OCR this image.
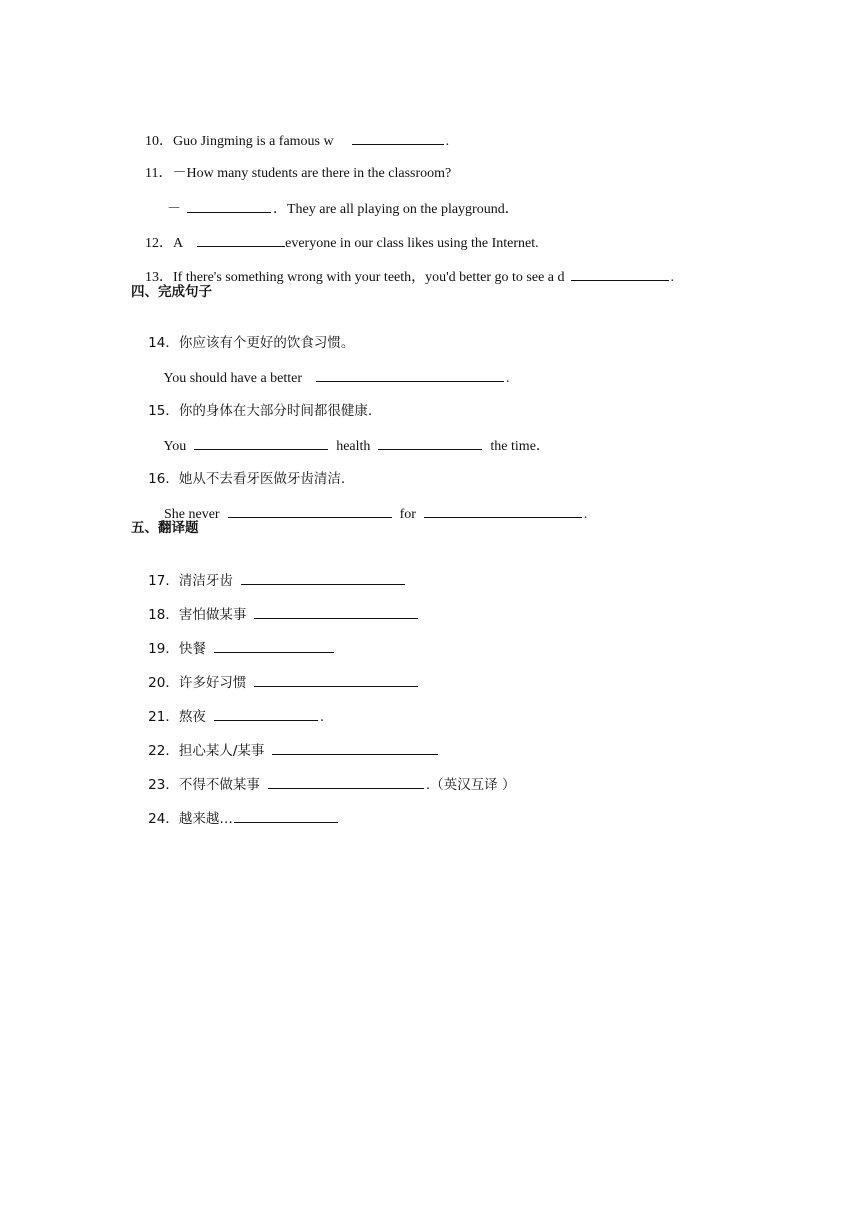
10．Guo Jingming is a famous w	.

11．－How many students are there in the classroom?

－	．They are all playing on the playground．

12．A	everyone in our class likes using the Internet.

13．If there's something wrong with your teeth，you'd better go to see a d	.

四、完成句子

14．你应该有个更好的饮食习惯。

You should have a better	.

15．你的身体在大部分时间都很健康.

You	health	the time．

16．她从不去看牙医做牙齿清洁.

She never	for	.

五、翻译题

17．清洁牙齿

18．害怕做某事

19．快餐

20．许多好习惯

21．熬夜	.

22．担心某人/某事

23．不得不做某事	.（英汉互译 ）

24．越来越…
